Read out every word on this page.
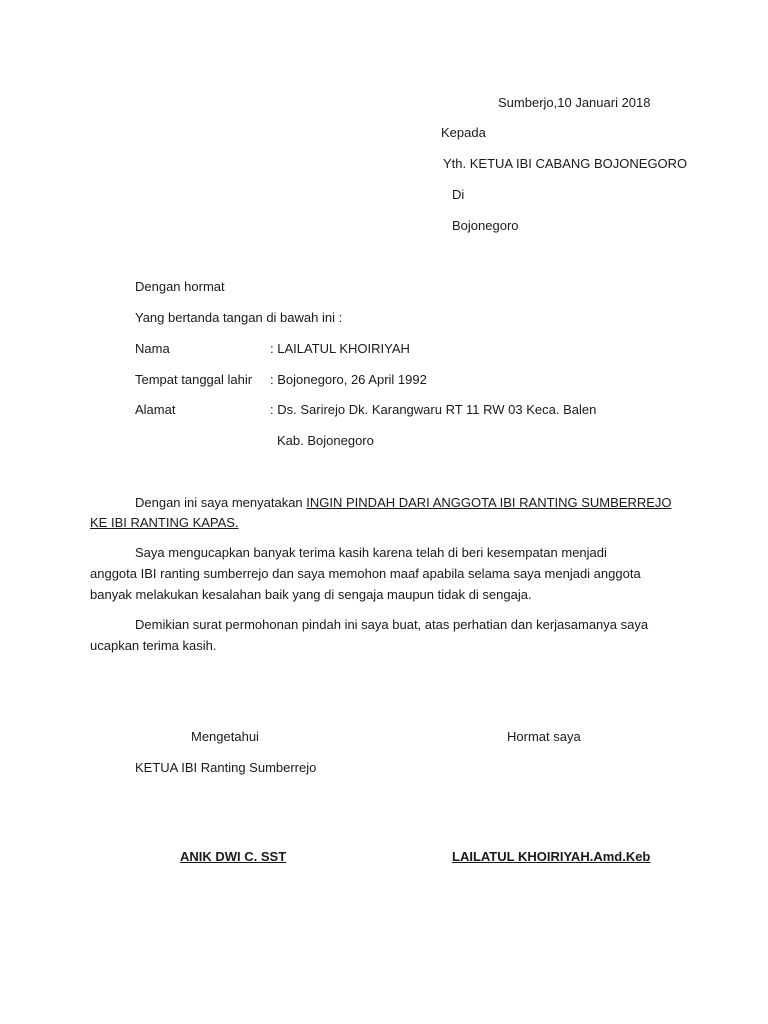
Sumberjo,10 Januari 2018
Kepada
Yth. KETUA IBI CABANG BOJONEGORO
Di
Bojonegoro
Dengan hormat
Yang bertanda tangan di bawah ini :
Nama	: LAILATUL KHOIRIYAH
Tempat tanggal lahir : Bojonegoro, 26 April 1992
Alamat	: Ds. Sarirejo Dk. Karangwaru RT 11 RW 03 Keca. Balen
Kab. Bojonegoro
Dengan ini saya menyatakan INGIN PINDAH DARI ANGGOTA IBI RANTING SUMBERREJO
KE IBI RANTING KAPAS.
Saya mengucapkan banyak terima kasih karena telah di beri kesempatan menjadi
anggota IBI ranting sumberrejo dan saya memohon maaf apabila selama saya menjadi anggota
banyak melakukan kesalahan baik yang di sengaja maupun tidak di sengaja.
Demikian surat permohonan pindah ini saya buat, atas perhatian dan kerjasamanya saya
ucapkan terima kasih.
Mengetahui	Hormat saya
KETUA IBI Ranting Sumberrejo
ANIK DWI C. SST	LAILATUL KHOIRIYAH.Amd.Keb
